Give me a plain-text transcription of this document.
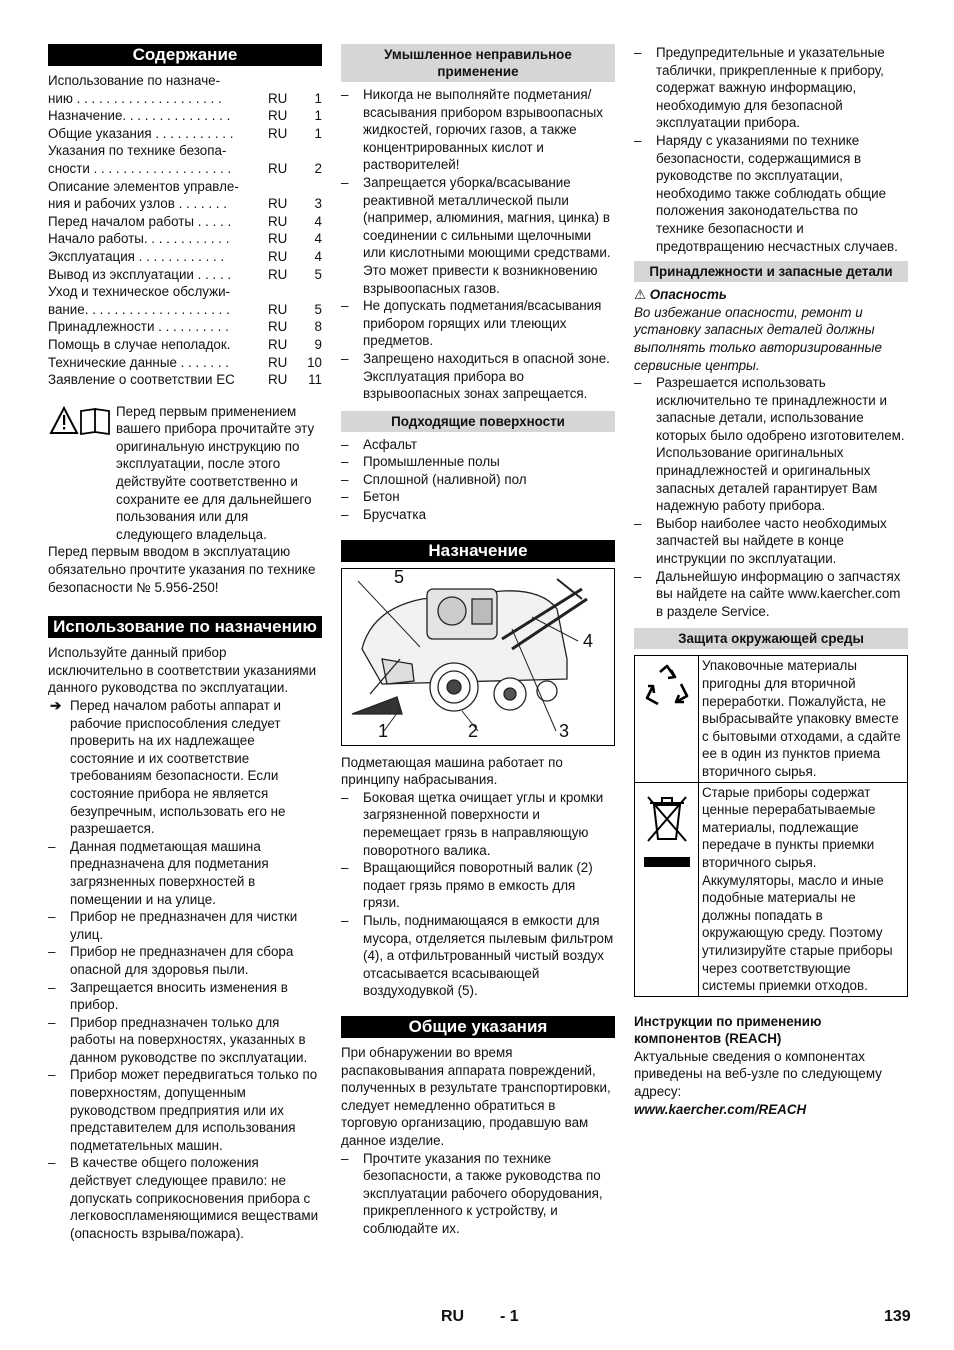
Содержание
Использование по назначе-
нию . . . . . . . . . . . . . . . . . . . .	RU	1
Назначение. . . . . . . . . . . . . . .	RU	1
Общие указания . . . . . . . . . . .	RU	1
Указания по технике безопа-
сности . . . . . . . . . . . . . . . . . . .	RU	2
Описание элементов управле-
ния и рабочих узлов . . . . . . .	RU	3
Перед началом работы . . . . .	RU	4
Начало работы. . . . . . . . . . . .	RU	4
Эксплуатация . . . . . . . . . . . .	RU	4
Вывод из эксплуатации . . . . .	RU	5
Уход и техническое обслужи-
вание. . . . . . . . . . . . . . . . . . . .	RU	5
Принадлежности . . . . . . . . . .	RU	8
Помощь в случае неполадок.	RU	9
Технические данные . . . . . . .	RU	10
Заявление о соответствии EC	RU	11
Перед первым применением вашего прибора прочитайте эту оригинальную инструкцию по эксплуатации, после этого действуйте соответственно и сохраните ее для дальнейшего пользования или для следующего владельца.

Перед первым вводом в эксплуатацию обязательно прочтите указания по технике безопасности № 5.956-250!

Использование по назначению

Используйте данный прибор исключительно в соответствии указаниями данного руководства по эксплуатации.

➔ Перед началом работы аппарат и рабочие приспособления следует проверить на их надлежащее состояние и их соответствие требованиям безопасности. Если состояние прибора не является безупречным, использовать его не разрешается.
– Данная подметающая машина предназначена для подметания загрязненных поверхностей в помещении и на улице.
– Прибор не предназначен для чистки улиц.
– Прибор не предназначен для сбора опасной для здоровья пыли.
– Запрещается вносить изменения в прибор.
– Прибор предназначен только для работы на поверхностях, указанных в данном руководстве по эксплуатации.
– Прибор может передвигаться только по поверхностям, допущенным руководством предприятия или их представителем для использования подметательных машин.
– В качестве общего положения действует следующее правило: не допускать соприкосновения прибора с легковоспламеняющимися веществами (опасность взрыва/пожара).
Умышленное неправильное применение
– Никогда не выполняйте подметания/всасывания прибором взрывоопасных жидкостей, горючих газов, а также концентрированных кислот и растворителей!
– Запрещается уборка/всасывание реактивной металлической пыли (например, алюминия, магния, цинка) в соединении с сильными щелочными или кислотными моющими средствами. Это может привести к возникновению взрывоопасных газов.
– Не допускать подметания/всасывания прибором горящих или тлеющих предметов.
– Запрещено находиться в опасной зоне. Эксплуатация прибора во взрывоопасных зонах запрещается.
Подходящие поверхности
– Асфальт
– Промышленные полы
– Сплошной (наливной) пол
– Бетон
– Брусчатка
Назначение
5
4
1	2	3

Подметающая машина работает по принципу набрасывания.

– Боковая щетка очищает углы и кромки загрязненной поверхности и перемещает грязь в направляющую поворотного валика.
– Вращающийся поворотный валик (2) подает грязь прямо в емкость для грязи.
– Пыль, поднимающаяся в емкости для мусора, отделяется пылевым фильтром (4), а отфильтрованный чистый воздух отсасывается всасывающей воздуходувкой (5).
Общие указания

При обнаружении во время распаковывания аппарата повреждений, полученных в результате транспортировки, следует немедленно обратиться в торговую организацию, продавшую вам данное изделие.

– Прочтите указания по технике безопасности, а также руководства по эксплуатации рабочего оборудования, прикрепленного к устройству, и соблюдайте их.
– Предупредительные и указательные таблички, прикрепленные к прибору, содержат важную информацию, необходимую для безопасной эксплуатации прибора.
– Наряду с указаниями по технике безопасности, содержащимися в руководстве по эксплуатации, необходимо также соблюдать общие положения законодательства по технике безопасности и предотвращению несчастных случаев.
Принадлежности и запасные детали

⚠ Опасность

Во избежание опасности, ремонт и установку запасных деталей должны выполнять только авторизированные сервисные центры.

– Разрешается использовать исключительно те принадлежности и запасные детали, использование которых было одобрено изготовителем. Использование оригинальных принадлежностей и оригинальных запасных деталей гарантирует Вам надежную работу прибора.
– Выбор наиболее часто необходимых запчастей вы найдете в конце инструкции по эксплуатации.
– Дальнейшую информацию о запчастях вы найдете на сайте www.kaercher.com в разделе Service.
Защита окружающей среды
Упаковочные материалы пригодны для вторичной переработки. Пожалуйста, не выбрасывайте упаковку вместе с бытовыми отходами, а сдайте ее в один из пунктов приема вторичного сырья.
Старые приборы содержат ценные перерабатываемые материалы, подлежащие передаче в пункты приемки вторичного сырья. Аккумуляторы, масло и иные подобные материалы не должны попадать в окружающую среду. Поэтому утилизируйте старые приборы через соответствующие системы приемки отходов.

Инструкции по применению компонентов (REACH)

Актуальные сведения о компонентах приведены на веб-узле по следующему адресу:

www.kaercher.com/REACH

RU - 1	139
